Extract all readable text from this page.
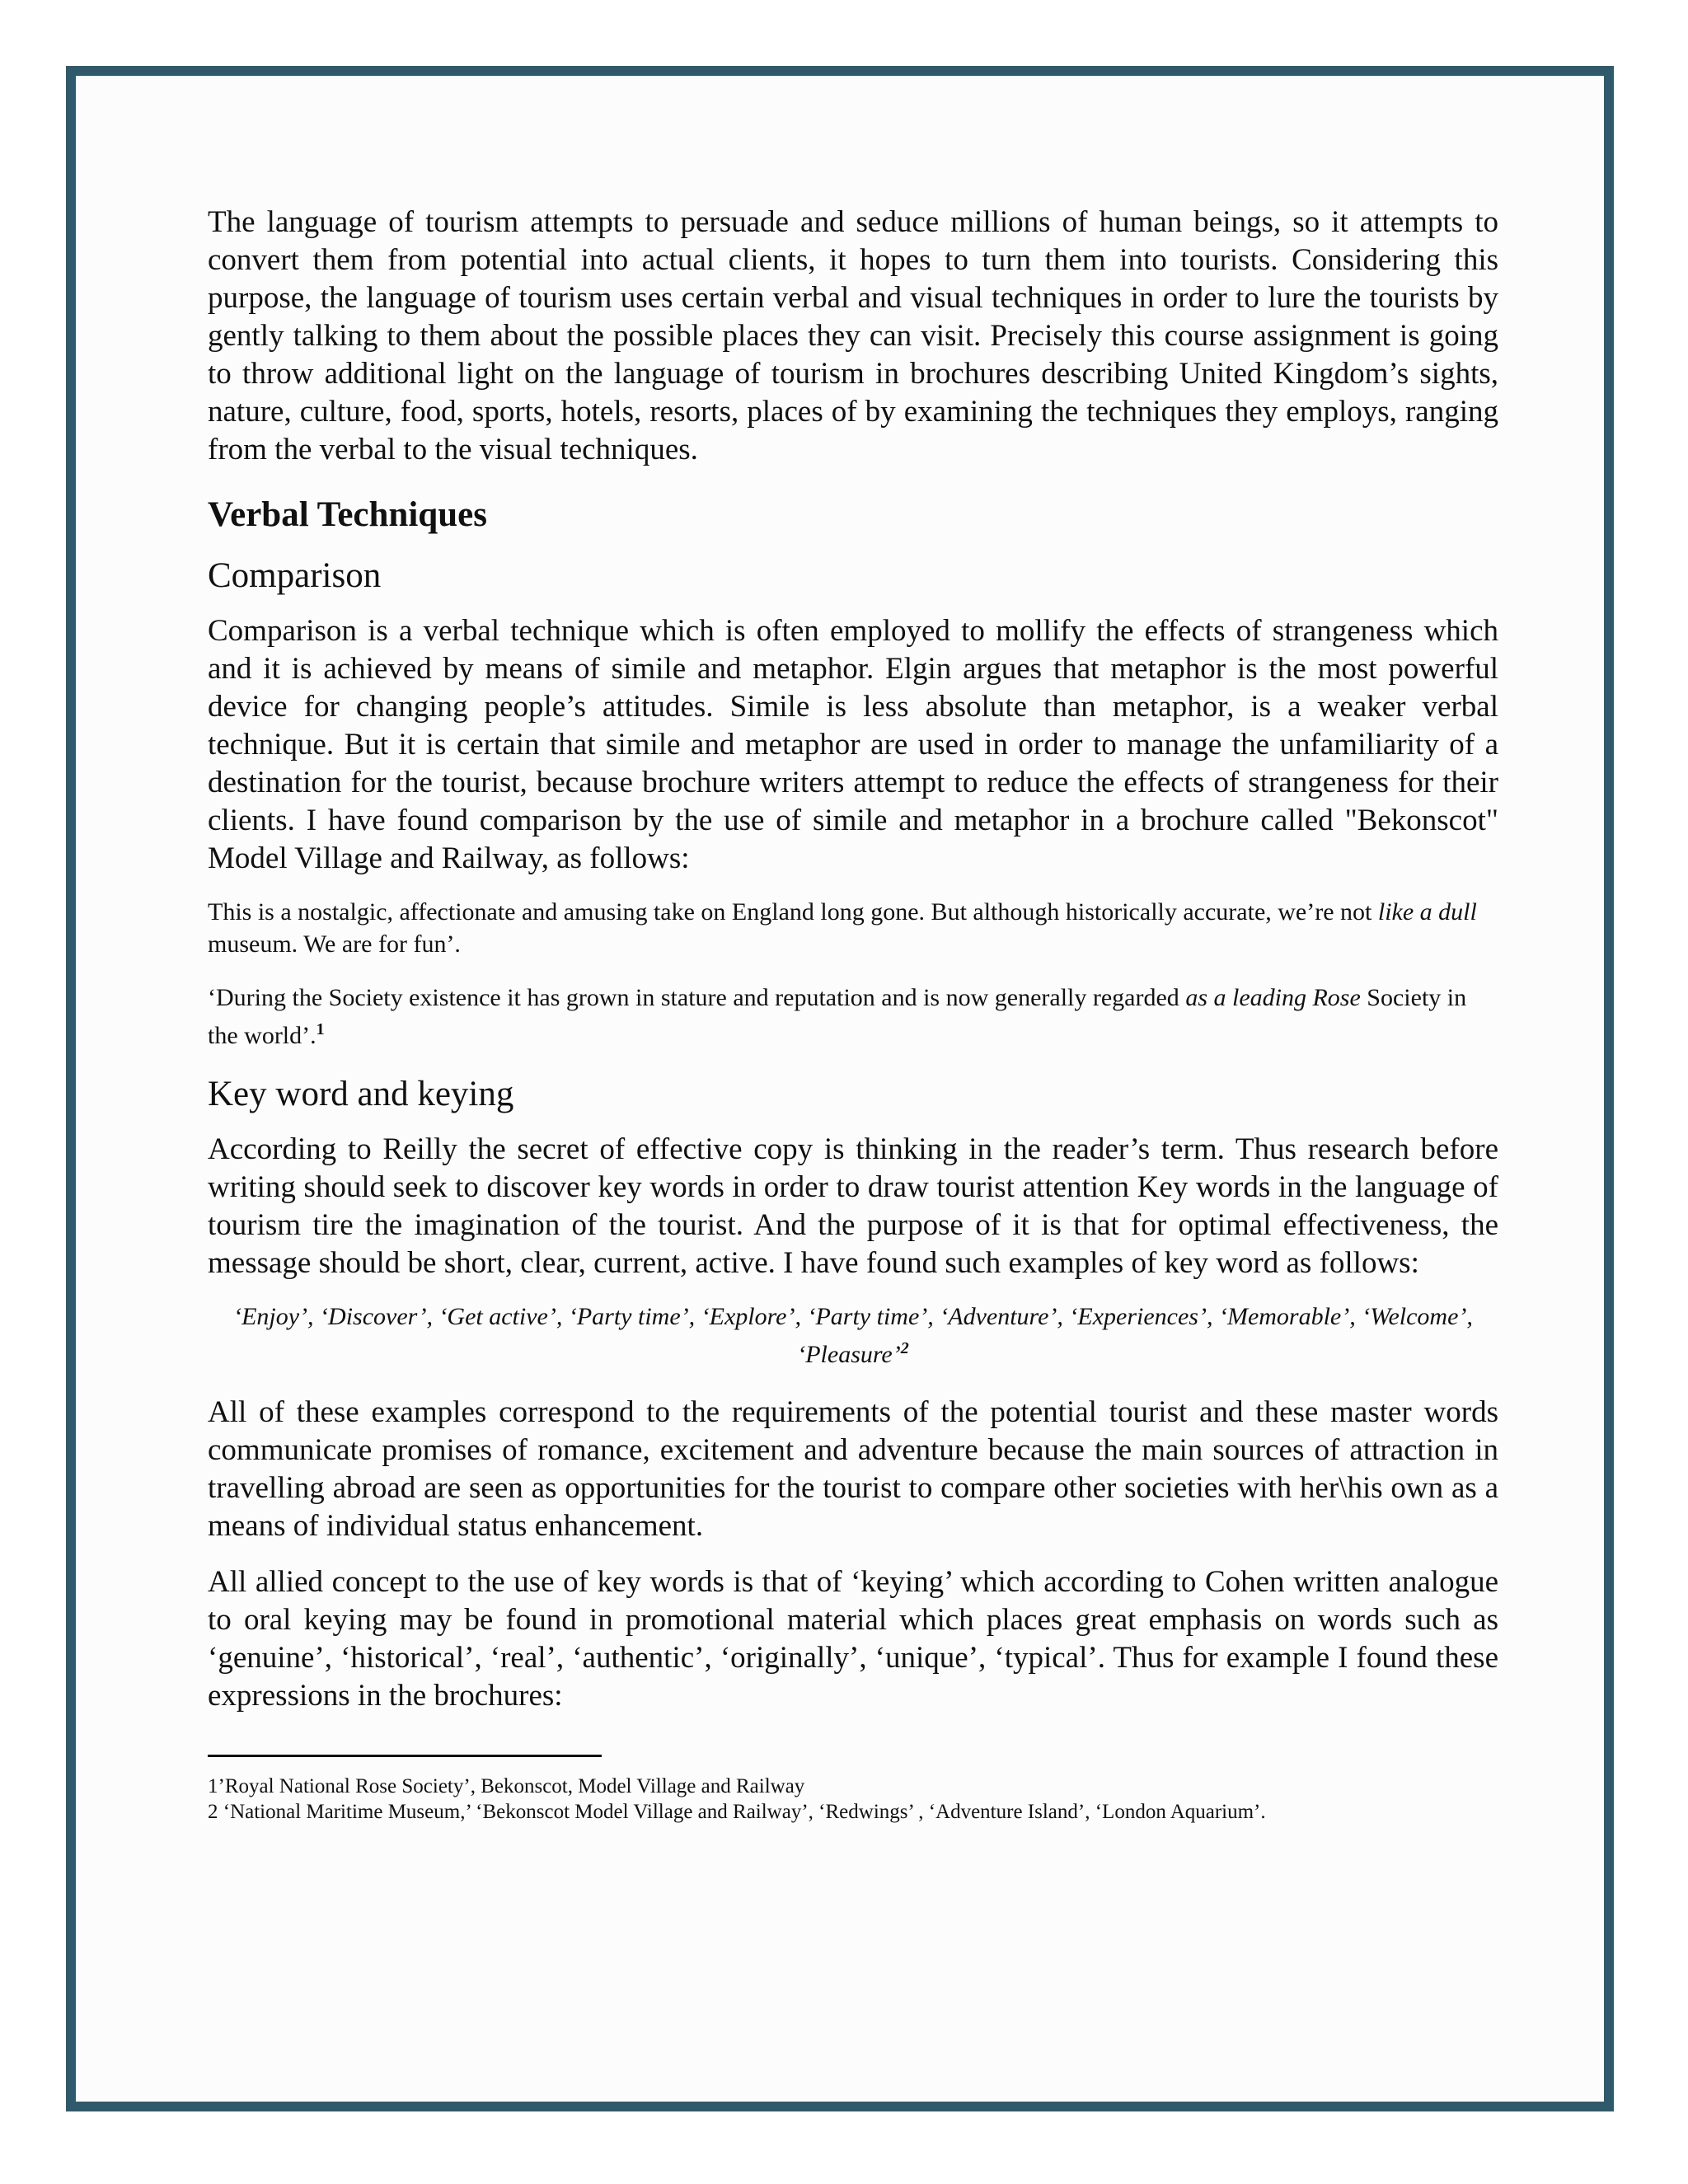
The language of tourism attempts to persuade and seduce millions of human beings, so it attempts to convert them from potential into actual clients, it hopes to turn them into tourists. Considering this purpose, the language of tourism uses certain verbal and visual techniques in order to lure the tourists by gently talking to them about the possible places they can visit. Precisely this course assignment is going to throw additional light on the language of tourism in brochures describing United Kingdom’s sights, nature, culture, food, sports, hotels, resorts, places of by examining the techniques they employs, ranging from the verbal to the visual techniques.

Verbal Techniques

Comparison

Comparison is a verbal technique which is often employed to mollify the effects of strangeness which and it is achieved by means of simile and metaphor. Elgin argues that metaphor is the most powerful device for changing people’s attitudes. Simile is less absolute than metaphor, is a weaker verbal technique. But it is certain that simile and metaphor are used in order to manage the unfamiliarity of a destination for the tourist, because brochure writers attempt to reduce the effects of strangeness for their clients. I have found comparison by the use of simile and metaphor in a brochure called "Bekonscot" Model Village and Railway, as follows:

This is a nostalgic, affectionate and amusing take on England long gone. But although historically accurate, we’re not like a dull museum. We are for fun’.

‘During the Society existence it has grown in stature and reputation and is now generally regarded as a leading Rose Society in the world’.$^1$

Key word and keying

According to Reilly the secret of effective copy is thinking in the reader’s term. Thus research before writing should seek to discover key words in order to draw tourist attention Key words in the language of tourism tire the imagination of the tourist. And the purpose of it is that for optimal effectiveness, the message should be short, clear, current, active. I have found such examples of key word as follows:

‘Enjoy’, ‘Discover’, ‘Get active’, ‘Party time’, ‘Explore’, ‘Party time’, ‘Adventure’, ‘Experiences’, ‘Memorable’, ‘Welcome’, ‘Pleasure’$^2$

All of these examples correspond to the requirements of the potential tourist and these master words communicate promises of romance, excitement and adventure because the main sources of attraction in travelling abroad are seen as opportunities for the tourist to compare other societies with her\his own as a means of individual status enhancement.

All allied concept to the use of key words is that of ‘keying’ which according to Cohen written analogue to oral keying may be found in promotional material which places great emphasis on words such as ‘genuine’, ‘historical’, ‘real’, ‘authentic’, ‘originally’, ‘unique’, ‘typical’. Thus for example I found these expressions in the brochures:

1’Royal National Rose Society’, Bekonscot, Model Village and Railway

2 ‘National Maritime Museum,’ ‘Bekonscot Model Village and Railway’, ‘Redwings’ , ‘Adventure Island’, ‘London Aquarium’.
